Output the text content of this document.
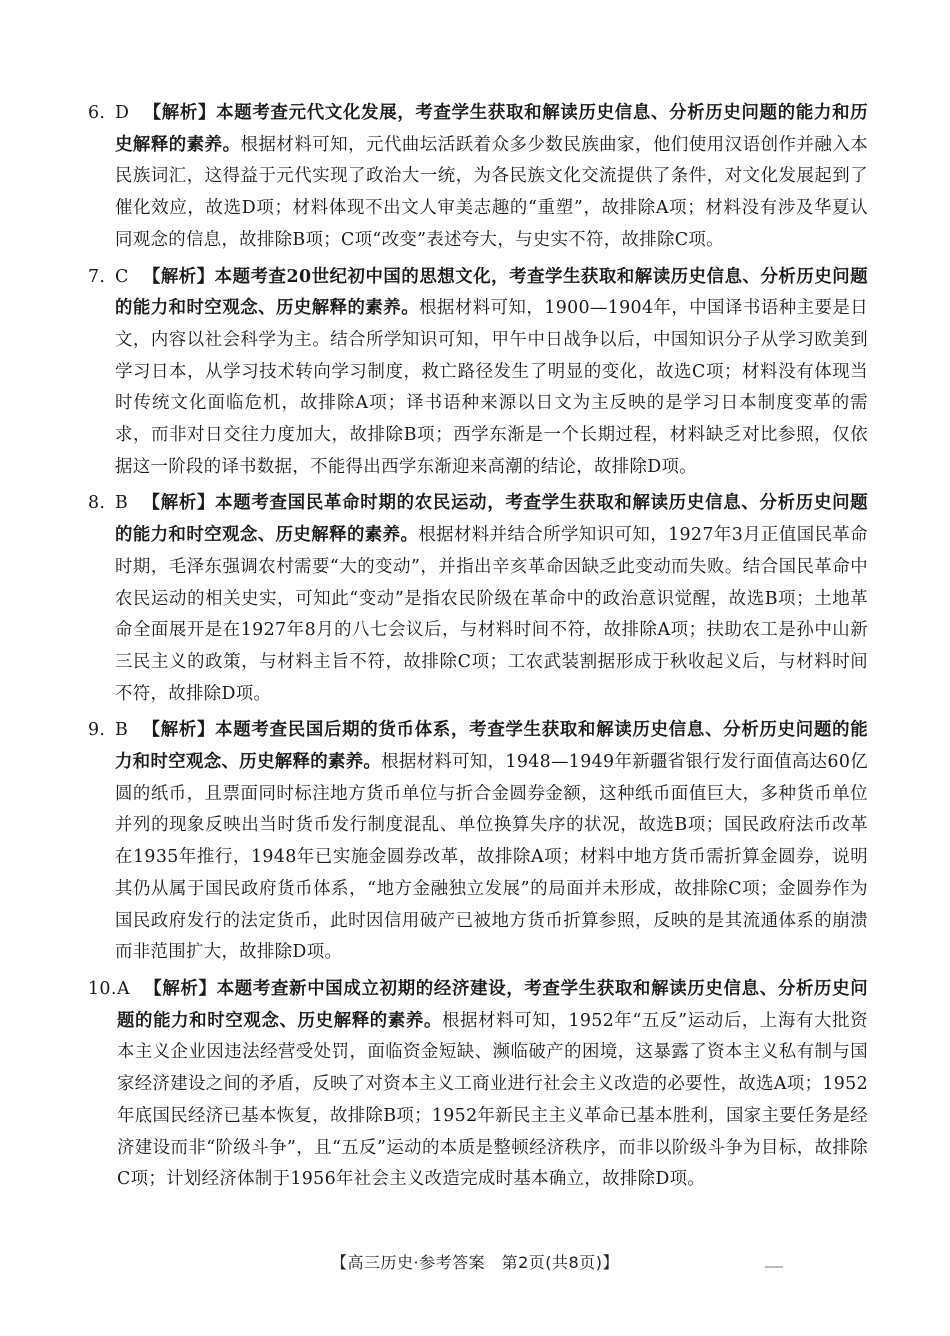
6. D 【解析】本题考查元代文化发展，考查学生获取和解读历史信息、分析历史问题的能力和历史解释的素养。根据材料可知，元代曲坛活跃着众多少数民族曲家，他们使用汉语创作并融入本民族词汇，这得益于元代实现了政治大一统，为各民族文化交流提供了条件，对文化发展起到了催化效应，故选D项；材料体现不出文人审美志趣的“重塑”，故排除A项；材料没有涉及华夏认同观念的信息，故排除B项；C项“改变”表述夸大，与史实不符，故排除C项。
7. C 【解析】本题考查20世纪初中国的思想文化，考查学生获取和解读历史信息、分析历史问题的能力和时空观念、历史解释的素养。根据材料可知，1900—1904年，中国译书语种主要是日文，内容以社会科学为主。结合所学知识可知，甲午中日战争以后，中国知识分子从学习欧美到学习日本，从学习技术转向学习制度，救亡路径发生了明显的变化，故选C项；材料没有体现当时传统文化面临危机，故排除A项；译书语种来源以日文为主反映的是学习日本制度变革的需求，而非对日交往力度加大，故排除B项；西学东渐是一个长期过程，材料缺乏对比参照，仅依据这一阶段的译书数据，不能得出西学东渐迎来高潮的结论，故排除D项。
8. B 【解析】本题考查国民革命时期的农民运动，考查学生获取和解读历史信息、分析历史问题的能力和时空观念、历史解释的素养。根据材料并结合所学知识可知，1927年3月正值国民革命时期，毛泽东强调农村需要“大的变动”，并指出辛亥革命因缺乏此变动而失败。结合国民革命中农民运动的相关史实，可知此“变动”是指农民阶级在革命中的政治意识觉醒，故选B项；土地革命全面展开是在1927年8月的八七会议后，与材料时间不符，故排除A项；扶助农工是孙中山新三民主义的政策，与材料主旨不符，故排除C项；工农武装割据形成于秋收起义后，与材料时间不符，故排除D项。
9. B 【解析】本题考查民国后期的货币体系，考查学生获取和解读历史信息、分析历史问题的能力和时空观念、历史解释的素养。根据材料可知，1948—1949年新疆省银行发行面值高达60亿圆的纸币，且票面同时标注地方货币单位与折合金圆券金额，这种纸币面值巨大，多种货币单位并列的现象反映出当时货币发行制度混乱、单位换算失序的状况，故选B项；国民政府法币改革在1935年推行，1948年已实施金圆券改革，故排除A项；材料中地方货币需折算金圆券，说明其仍从属于国民政府货币体系，“地方金融独立发展”的局面并未形成，故排除C项；金圆券作为国民政府发行的法定货币，此时因信用破产已被地方货币折算参照，反映的是其流通体系的崩溃而非范围扩大，故排除D项。
10. A 【解析】本题考查新中国成立初期的经济建设，考查学生获取和解读历史信息、分析历史问题的能力和时空观念、历史解释的素养。根据材料可知，1952年“五反”运动后，上海有大批资本主义企业因违法经营受处罚，面临资金短缺、濒临破产的困境，这暴露了资本主义私有制与国家经济建设之间的矛盾，反映了对资本主义工商业进行社会主义改造的必要性，故选A项；1952年底国民经济已基本恢复，故排除B项；1952年新民主主义革命已基本胜利，国家主要任务是经济建设而非“阶级斗争”，且“五反”运动的本质是整顿经济秩序，而非以阶级斗争为目标，故排除C项；计划经济体制于1956年社会主义改造完成时基本确立，故排除D项。
【高三历史·参考答案　第2页(共8页)】
